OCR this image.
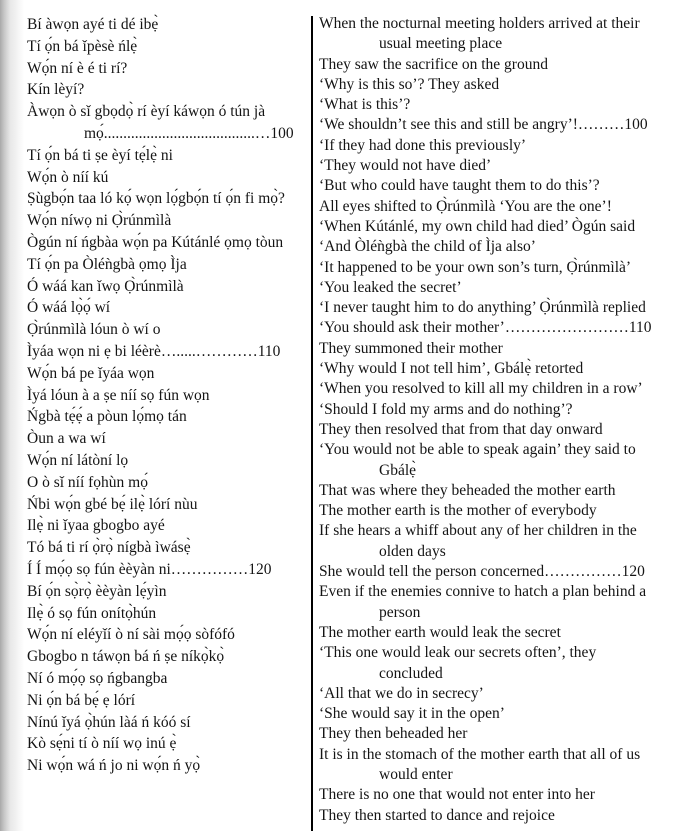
Bí àwọn ayé ti dé ibẹ̀
Tí ọ́n bá ǐpèsè ńlẹ̀
Wọ́n ní è é ti rí?
Kín lèyí?
Àwọn ò sǐ gbọdọ̀ rí èyí káwọn ó tún jà
mọ́.......................................…100
Tí ọ́n bá ti ṣe èyí tẹ́lẹ̀ ni
Wọ́n ò níí kú
Ṣùgbọ́n taa ló kọ́ wọn lọ́gbọ́n tí ọ́n fi mọ̀?
Wọ́n níwọ ni Ọ̀rúnmìlà
Ògún ní ńgbàa wọ́n pa Kútánlé ọmọ tòun
Tí ọ́n pa Òléǹgbà ọmọ Ìja
Ó wáá kan ǐwọ Ọ̀rúnmìlà
Ó wáá lọ̀ọ́ wí
Ọ̀rúnmìlà lóun ò wí o
Ìyáa wọn ni ẹ bi léèrè….....…………110
Wọ́n bá pe ǐyáa wọn
Ìyá lóun à a ṣe níí sọ fún wọn
Ńgbà tẹ́ẹ́ a pòun lọ́mọ tán
Òun a wa wí
Wọ́n ní látòní lọ
O ò sǐ níí fọhùn mọ́
Ńbi wọ́n gbé bẹ́ ilẹ̀ lórí nùu
Ilẹ̀ ni ǐyaa gbogbo ayé
Tó bá ti rí ọ̀rọ̀ nígbà ìwásẹ̀
Í Í mọ́ọ sọ fún èèyàn ni……………120
Bí ọ́n sọ̀rọ̀ èèyàn lẹ́yìn
Ilẹ̀ ó sọ fún onítọ̀hún
Wọ́n ní eléyǐí ò ní sài mọ́ọ sòfófó
Gbogbo n táwọn bá ń ṣe níkọ̀kọ̀
Ní ó mọ́ọ sọ ńgbangba
Ni ọ́n bá bẹ́ ẹ lórí
Nínú ǐyá ọ̀hún làá ń kóó sí
Kò sẹ́ni tí ò níí wọ inú ẹ̀
Ni wọ́n wá ń jo ni wọ́n ń yọ̀
When the nocturnal meeting holders arrived at their
usual meeting place
They saw the sacrifice on the ground
‘Why is this so’? They asked
‘What is this’?
‘We shouldn’t see this and still be angry’!………100
‘If they had done this previously’
‘They would not have died’
‘But who could have taught them to do this’?
All eyes shifted to Ọ̀rúnmìlà ‘You are the one’!
‘When Kútánlé, my own child had died’ Ògún said
‘And Òléǹgbà the child of Ìja also’
‘It happened to be your own son’s turn, Ọ̀rúnmìlà’
‘You leaked the secret’
‘I never taught him to do anything’ Ọ̀rúnmìlà replied
‘You should ask their mother’……………………110
They summoned their mother
‘Why would I not tell him’, Gbálẹ̀ retorted
‘When you resolved to kill all my children in a row’
‘Should I fold my arms and do nothing’?
They then resolved that from that day onward
‘You would not be able to speak again’ they said to
Gbálẹ̀
That was where they beheaded the mother earth
The mother earth is the mother of everybody
If she hears a whiff about any of her children in the
olden days
She would tell the person concerned……………120
Even if the enemies connive to hatch a plan behind a
person
The mother earth would leak the secret
‘This one would leak our secrets often’, they
concluded
‘All that we do in secrecy’
‘She would say it in the open’
They then beheaded her
It is in the stomach of the mother earth that all of us
would enter
There is no one that would not enter into her
They then started to dance and rejoice
